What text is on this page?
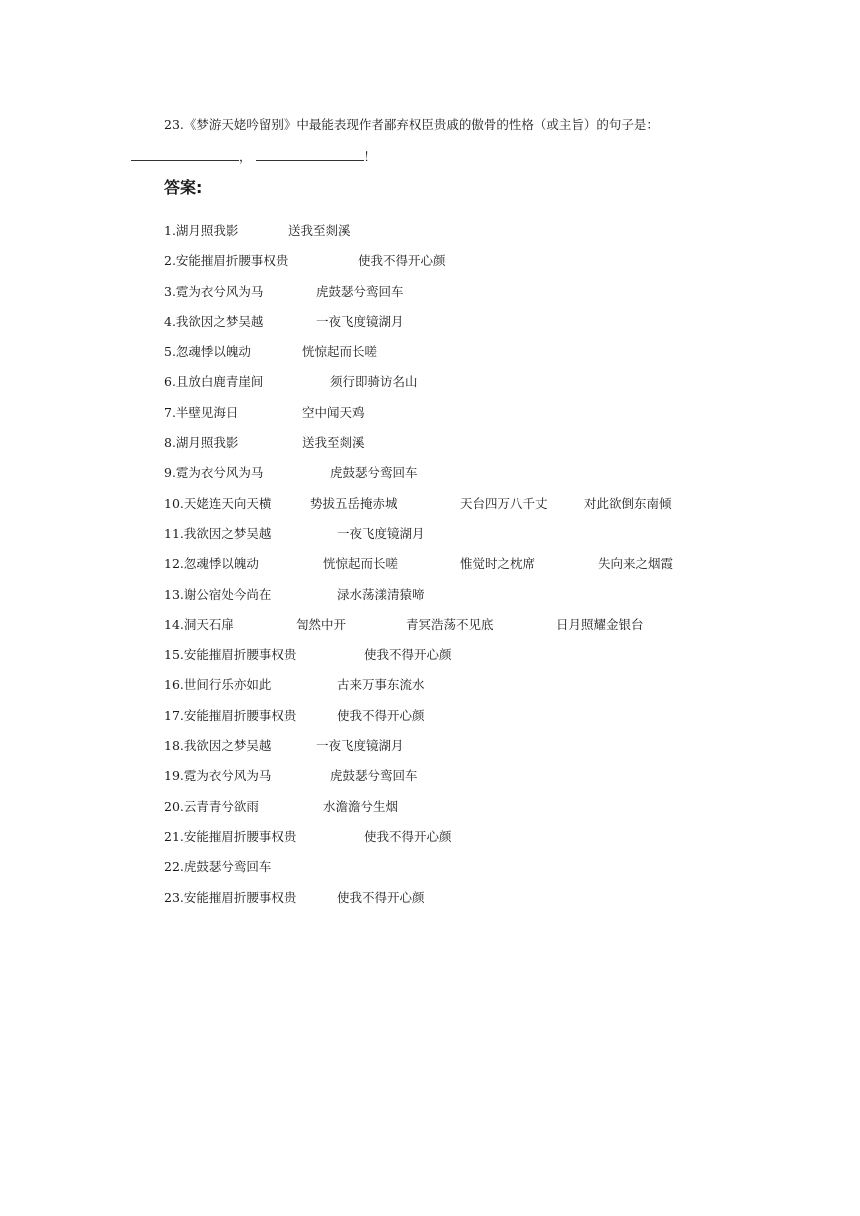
23.《梦游天姥吟留别》中最能表现作者鄙弃权臣贵戚的傲骨的性格（或主旨）的句子是：
，	！
答案:
1.湖月照我影	送我至剡溪
2.安能摧眉折腰事权贵	使我不得开心颜
3.霓为衣兮风为马	虎鼓瑟兮鸾回车
4.我欲因之梦吴越	一夜飞度镜湖月
5.忽魂悸以魄动	恍惊起而长嗟
6.且放白鹿青崖间	须行即骑访名山
7.半壁见海日	空中闻天鸡
8.湖月照我影	送我至剡溪
9.霓为衣兮风为马	虎鼓瑟兮鸾回车
10.天姥连天向天横	势拔五岳掩赤城	天台四万八千丈	对此欲倒东南倾
11.我欲因之梦吴越	一夜飞度镜湖月
12.忽魂悸以魄动	恍惊起而长嗟	惟觉时之枕席	失向来之烟霞
13.谢公宿处今尚在	渌水荡漾清猿啼
14.洞天石扉	訇然中开	青冥浩荡不见底	日月照耀金银台
15.安能摧眉折腰事权贵	使我不得开心颜
16.世间行乐亦如此	古来万事东流水
17.安能摧眉折腰事权贵	使我不得开心颜
18.我欲因之梦吴越	一夜飞度镜湖月
19.霓为衣兮风为马	虎鼓瑟兮鸾回车
20.云青青兮欲雨	水澹澹兮生烟
21.安能摧眉折腰事权贵	使我不得开心颜
22.虎鼓瑟兮鸾回车
23.安能摧眉折腰事权贵	使我不得开心颜
